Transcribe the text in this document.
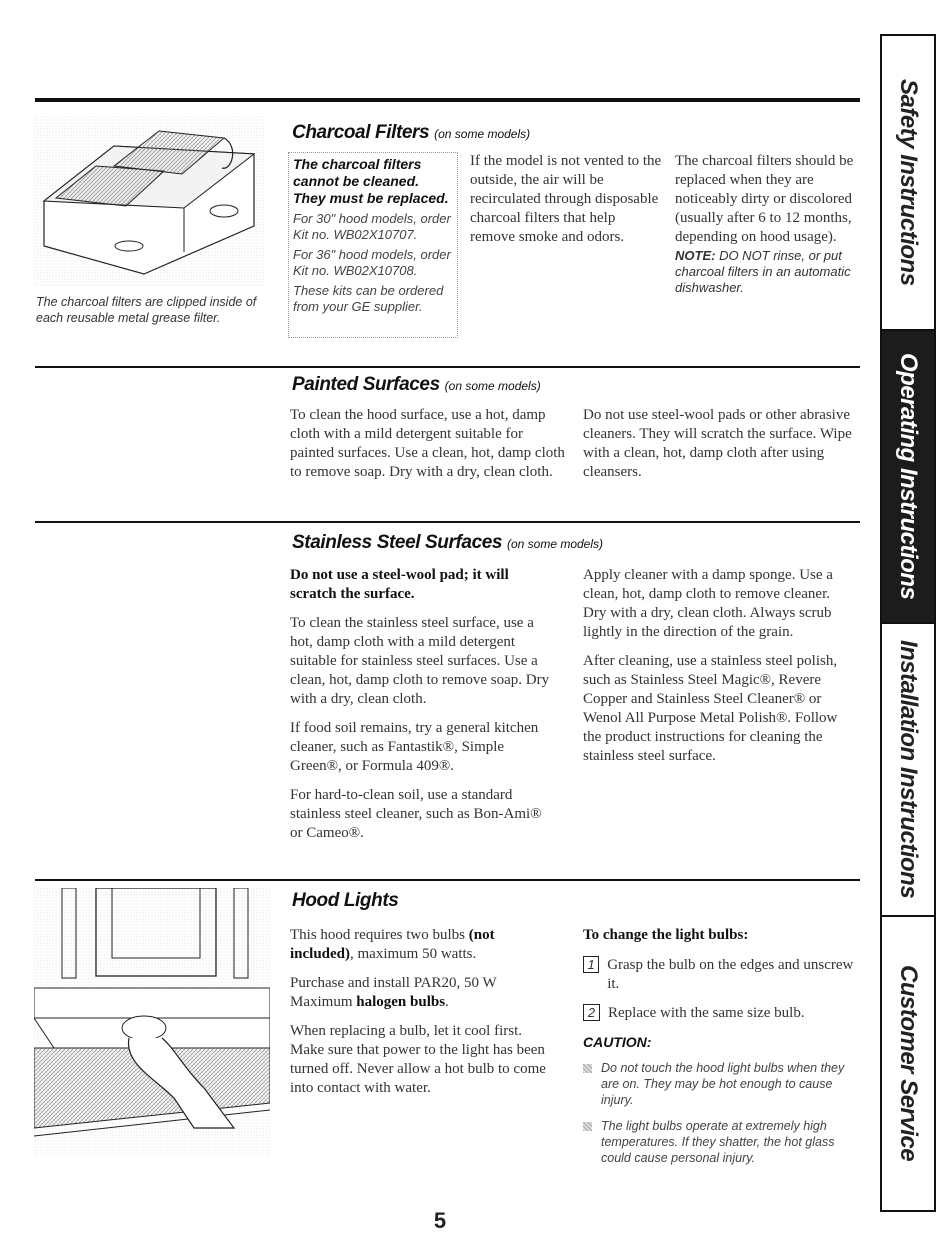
Safety Instructions
Operating Instructions
Installation Instructions
Customer Service
The charcoal filters are clipped inside of each reusable metal grease filter.
Charcoal Filters (on some models)

The charcoal filters cannot be cleaned. They must be replaced.

For 30" hood models, order Kit no. WB02X10707.

For 36" hood models, order Kit no. WB02X10708.

These kits can be ordered from your GE supplier.

If the model is not vented to the outside, the air will be recirculated through disposable charcoal filters that help remove smoke and odors.
The charcoal filters should be replaced when they are noticeably dirty or discolored (usually after 6 to 12 months, depending on hood usage).
NOTE: DO NOT rinse, or put charcoal filters in an automatic dishwasher.
Painted Surfaces (on some models)
To clean the hood surface, use a hot, damp cloth with a mild detergent suitable for painted surfaces. Use a clean, hot, damp cloth to remove soap. Dry with a dry, clean cloth.
Do not use steel-wool pads or other abrasive cleaners. They will scratch the surface. Wipe with a clean, hot, damp cloth after using cleansers.
Stainless Steel Surfaces (on some models)

Do not use a steel-wool pad; it will scratch the surface.

To clean the stainless steel surface, use a hot, damp cloth with a mild detergent suitable for stainless steel surfaces. Use a clean, hot, damp cloth to remove soap. Dry with a dry, clean cloth.

If food soil remains, try a general kitchen cleaner, such as Fantastik®, Simple Green®, or Formula 409®.

For hard-to-clean soil, use a standard stainless steel cleaner, such as Bon-Ami® or Cameo®.

Apply cleaner with a damp sponge. Use a clean, hot, damp cloth to remove cleaner. Dry with a dry, clean cloth. Always scrub lightly in the direction of the grain.

After cleaning, use a stainless steel polish, such as Stainless Steel Magic®, Revere Copper and Stainless Steel Cleaner® or Wenol All Purpose Metal Polish®. Follow the product instructions for cleaning the stainless steel surface.

Hood Lights

This hood requires two bulbs (not included), maximum 50 watts.

Purchase and install PAR20, 50 W Maximum halogen bulbs.

When replacing a bulb, let it cool first. Make sure that power to the light has been turned off. Never allow a hot bulb to come into contact with water.

To change the light bulbs:

1 Grasp the bulb on the edges and unscrew it.
2 Replace with the same size bulb.
CAUTION:
Do not touch the hood light bulbs when they are on. They may be hot enough to cause injury.
The light bulbs operate at extremely high temperatures. If they shatter, the hot glass could cause personal injury.
5
